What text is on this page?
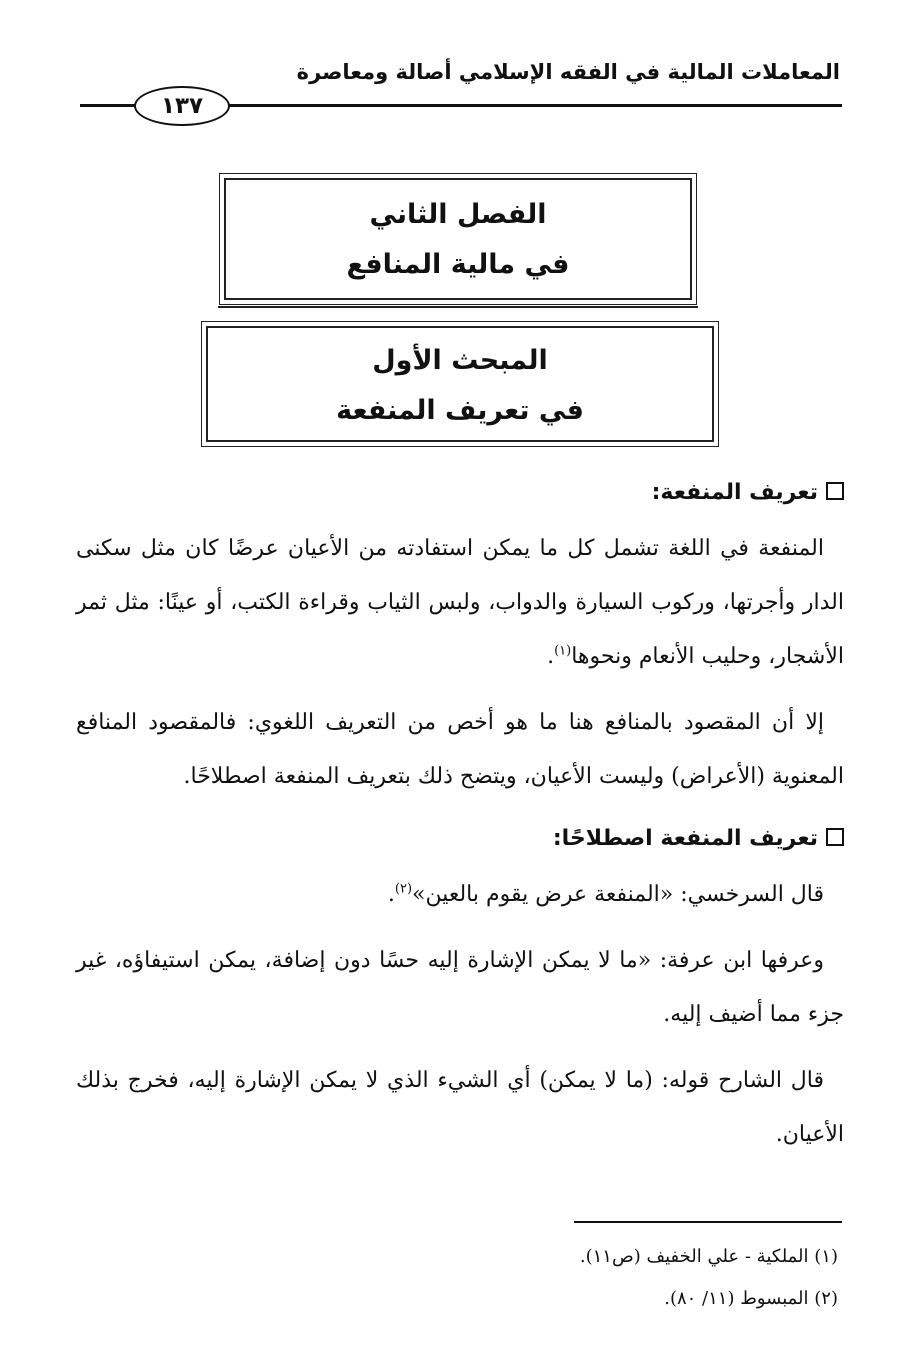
المعاملات المالية في الفقه الإسلامي أصالة ومعاصرة
١٣٧
الفصل الثاني
في مالية المنافع
المبحث الأول
في تعريف المنفعة
تعريف المنفعة:

المنفعة في اللغة تشمل كل ما يمكن استفادته من الأعيان عرضًا كان مثل سكنى الدار وأجرتها، وركوب السيارة والدواب، ولبس الثياب وقراءة الكتب، أو عينًا: مثل ثمر الأشجار، وحليب الأنعام ونحوها$^{(١)}$.

إلا أن المقصود بالمنافع هنا ما هو أخص من التعريف اللغوي: فالمقصود المنافع المعنوية (الأعراض) وليست الأعيان، ويتضح ذلك بتعريف المنفعة اصطلاحًا.

تعريف المنفعة اصطلاحًا:

قال السرخسي: «المنفعة عرض يقوم بالعين»$^{(٢)}$.

وعرفها ابن عرفة: «ما لا يمكن الإشارة إليه حسًا دون إضافة، يمكن استيفاؤه، غير جزء مما أضيف إليه.

قال الشارح قوله: (ما لا يمكن) أي الشيء الذي لا يمكن الإشارة إليه، فخرج بذلك الأعيان.

(١) الملكية - علي الخفيف (ص١١).

(٢) المبسوط (١١/ ٨٠).
